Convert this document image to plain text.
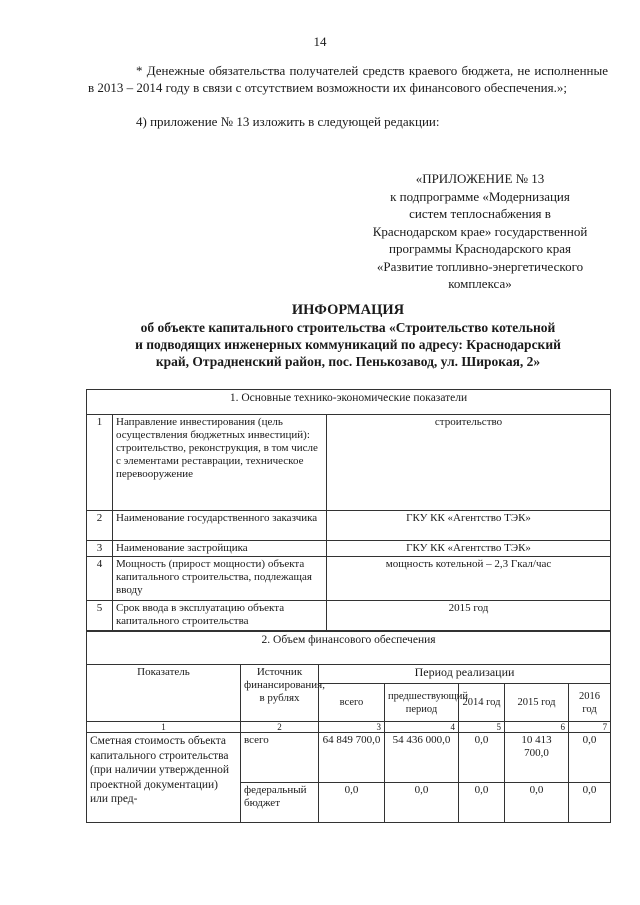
14
* Денежные обязательства получателей средств краевого бюджета, не исполненные в 2013 – 2014 году в связи с отсутствием возможности их финансового обеспечения.»;
4) приложение № 13 изложить в следующей редакции:
«ПРИЛОЖЕНИЕ № 13
к подпрограмме «Модернизация
систем теплоснабжения в
Краснодарском крае» государственной
программы Краснодарского края
«Развитие топливно-энергетического
комплекса»
ИНФОРМАЦИЯ
об объекте капитального строительства «Строительство котельной
и подводящих инженерных коммуникаций по адресу: Краснодарский
край, Отрадненский район, пос. Пенькозавод, ул. Широкая, 2»
1. Основные технико-экономические показатели		
1	Направление инвестирования (цель осуществления бюджетных инвестиций): строительство, реконструкция, в том числе с элементами реставрации, техническое перевооружение	строительство
2	Наименование государственного заказчика	ГКУ КК «Агентство ТЭК»
3	Наименование застройщика	ГКУ КК «Агентство ТЭК»
4	Мощность (прирост мощности) объекта капитального строительства, подлежащая вводу	мощность котельной – 2,3 Гкал/час
5	Срок ввода в эксплуатацию объекта капитального строительства	2015 год
2. Объем финансового обеспечения						
Показатель	Источник финансирования, в рублях	Период реализации				
		всего	предшествующий период	2014 год	2015 год	2016 год
1	2	3	4	5	6	7
Сметная стоимость объекта капитального строительства (при наличии утвержденной проектной документации) или пред-	всего	64 849 700,0	54 436 000,0	0,0	10 413 700,0	0,0
	федеральный бюджет	0,0	0,0	0,0	0,0	0,0
